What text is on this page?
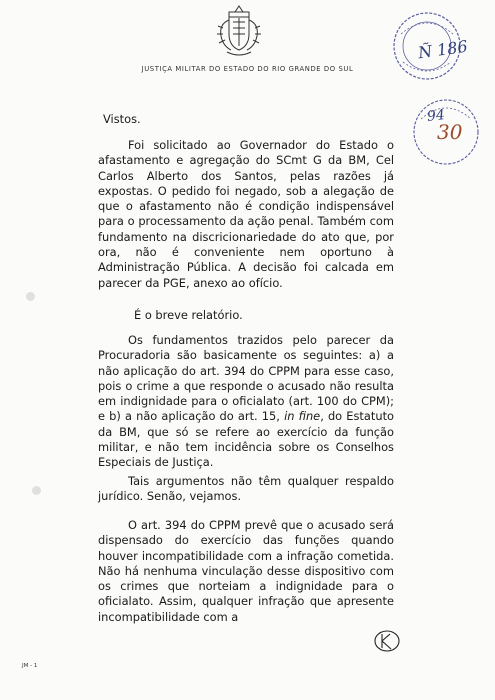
JUSTIÇA MILITAR DO ESTADO DO RIO GRANDE DO SUL
Ñ 186
94
30
Vistos.

Foi solicitado ao Governador do Estado o afastamento e agregação do SCmt G da BM, Cel Carlos Alberto dos Santos, pelas razões já expostas. O pedido foi negado, sob a alegação de que o afastamento não é condição indispensável para o processamento da ação penal. Também com fundamento na discricionariedade do ato que, por ora, não é conveniente nem oportuno à Administração Pública. A decisão foi calcada em parecer da PGE, anexo ao ofício.

É o breve relatório.

Os fundamentos trazidos pelo parecer da Procuradoria são basicamente os seguintes: a) a não aplicação do art. 394 do CPPM para esse caso, pois o crime a que responde o acusado não resulta em indignidade para o oficialato (art. 100 do CPM); e b) a não aplicação do art. 15, in fine, do Estatuto da BM, que só se refere ao exercício da função militar, e não tem incidência sobre os Conselhos Especiais de Justiça.

Tais argumentos não têm qualquer respaldo jurídico. Senão, vejamos.

O art. 394 do CPPM prevê que o acusado será dispensado do exercício das funções quando houver incompatibilidade com a infração cometida. Não há nenhuma vinculação desse dispositivo com os crimes que norteiam a indignidade para o oficialato. Assim, qualquer infração que apresente incompatibilidade com a

JM - 1
